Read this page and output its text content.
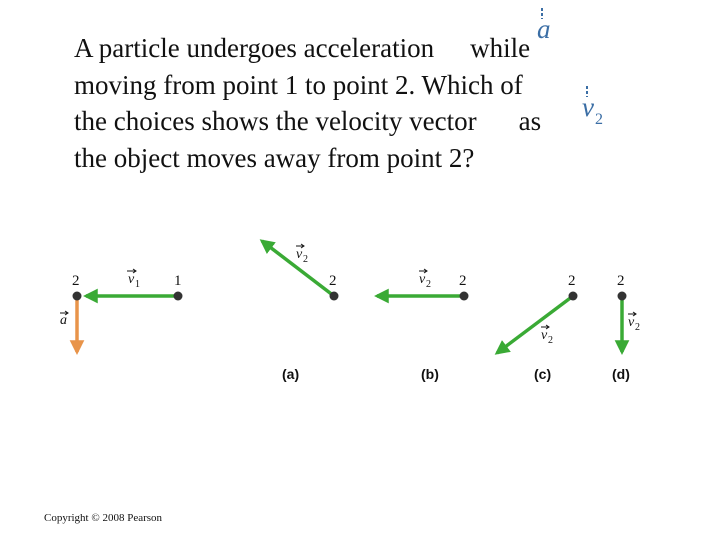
A particle undergoes acceleration while
moving from point 1 to point 2. Which of
the choices shows the velocity vector as
the object moves away from point 2?
a
$v_2$
2	1
v 1
a
2
v 2
(a)
2
v 2
(b)
2
v 2
(c)
2
v 2
(d)
Copyright © 2008 Pearson
